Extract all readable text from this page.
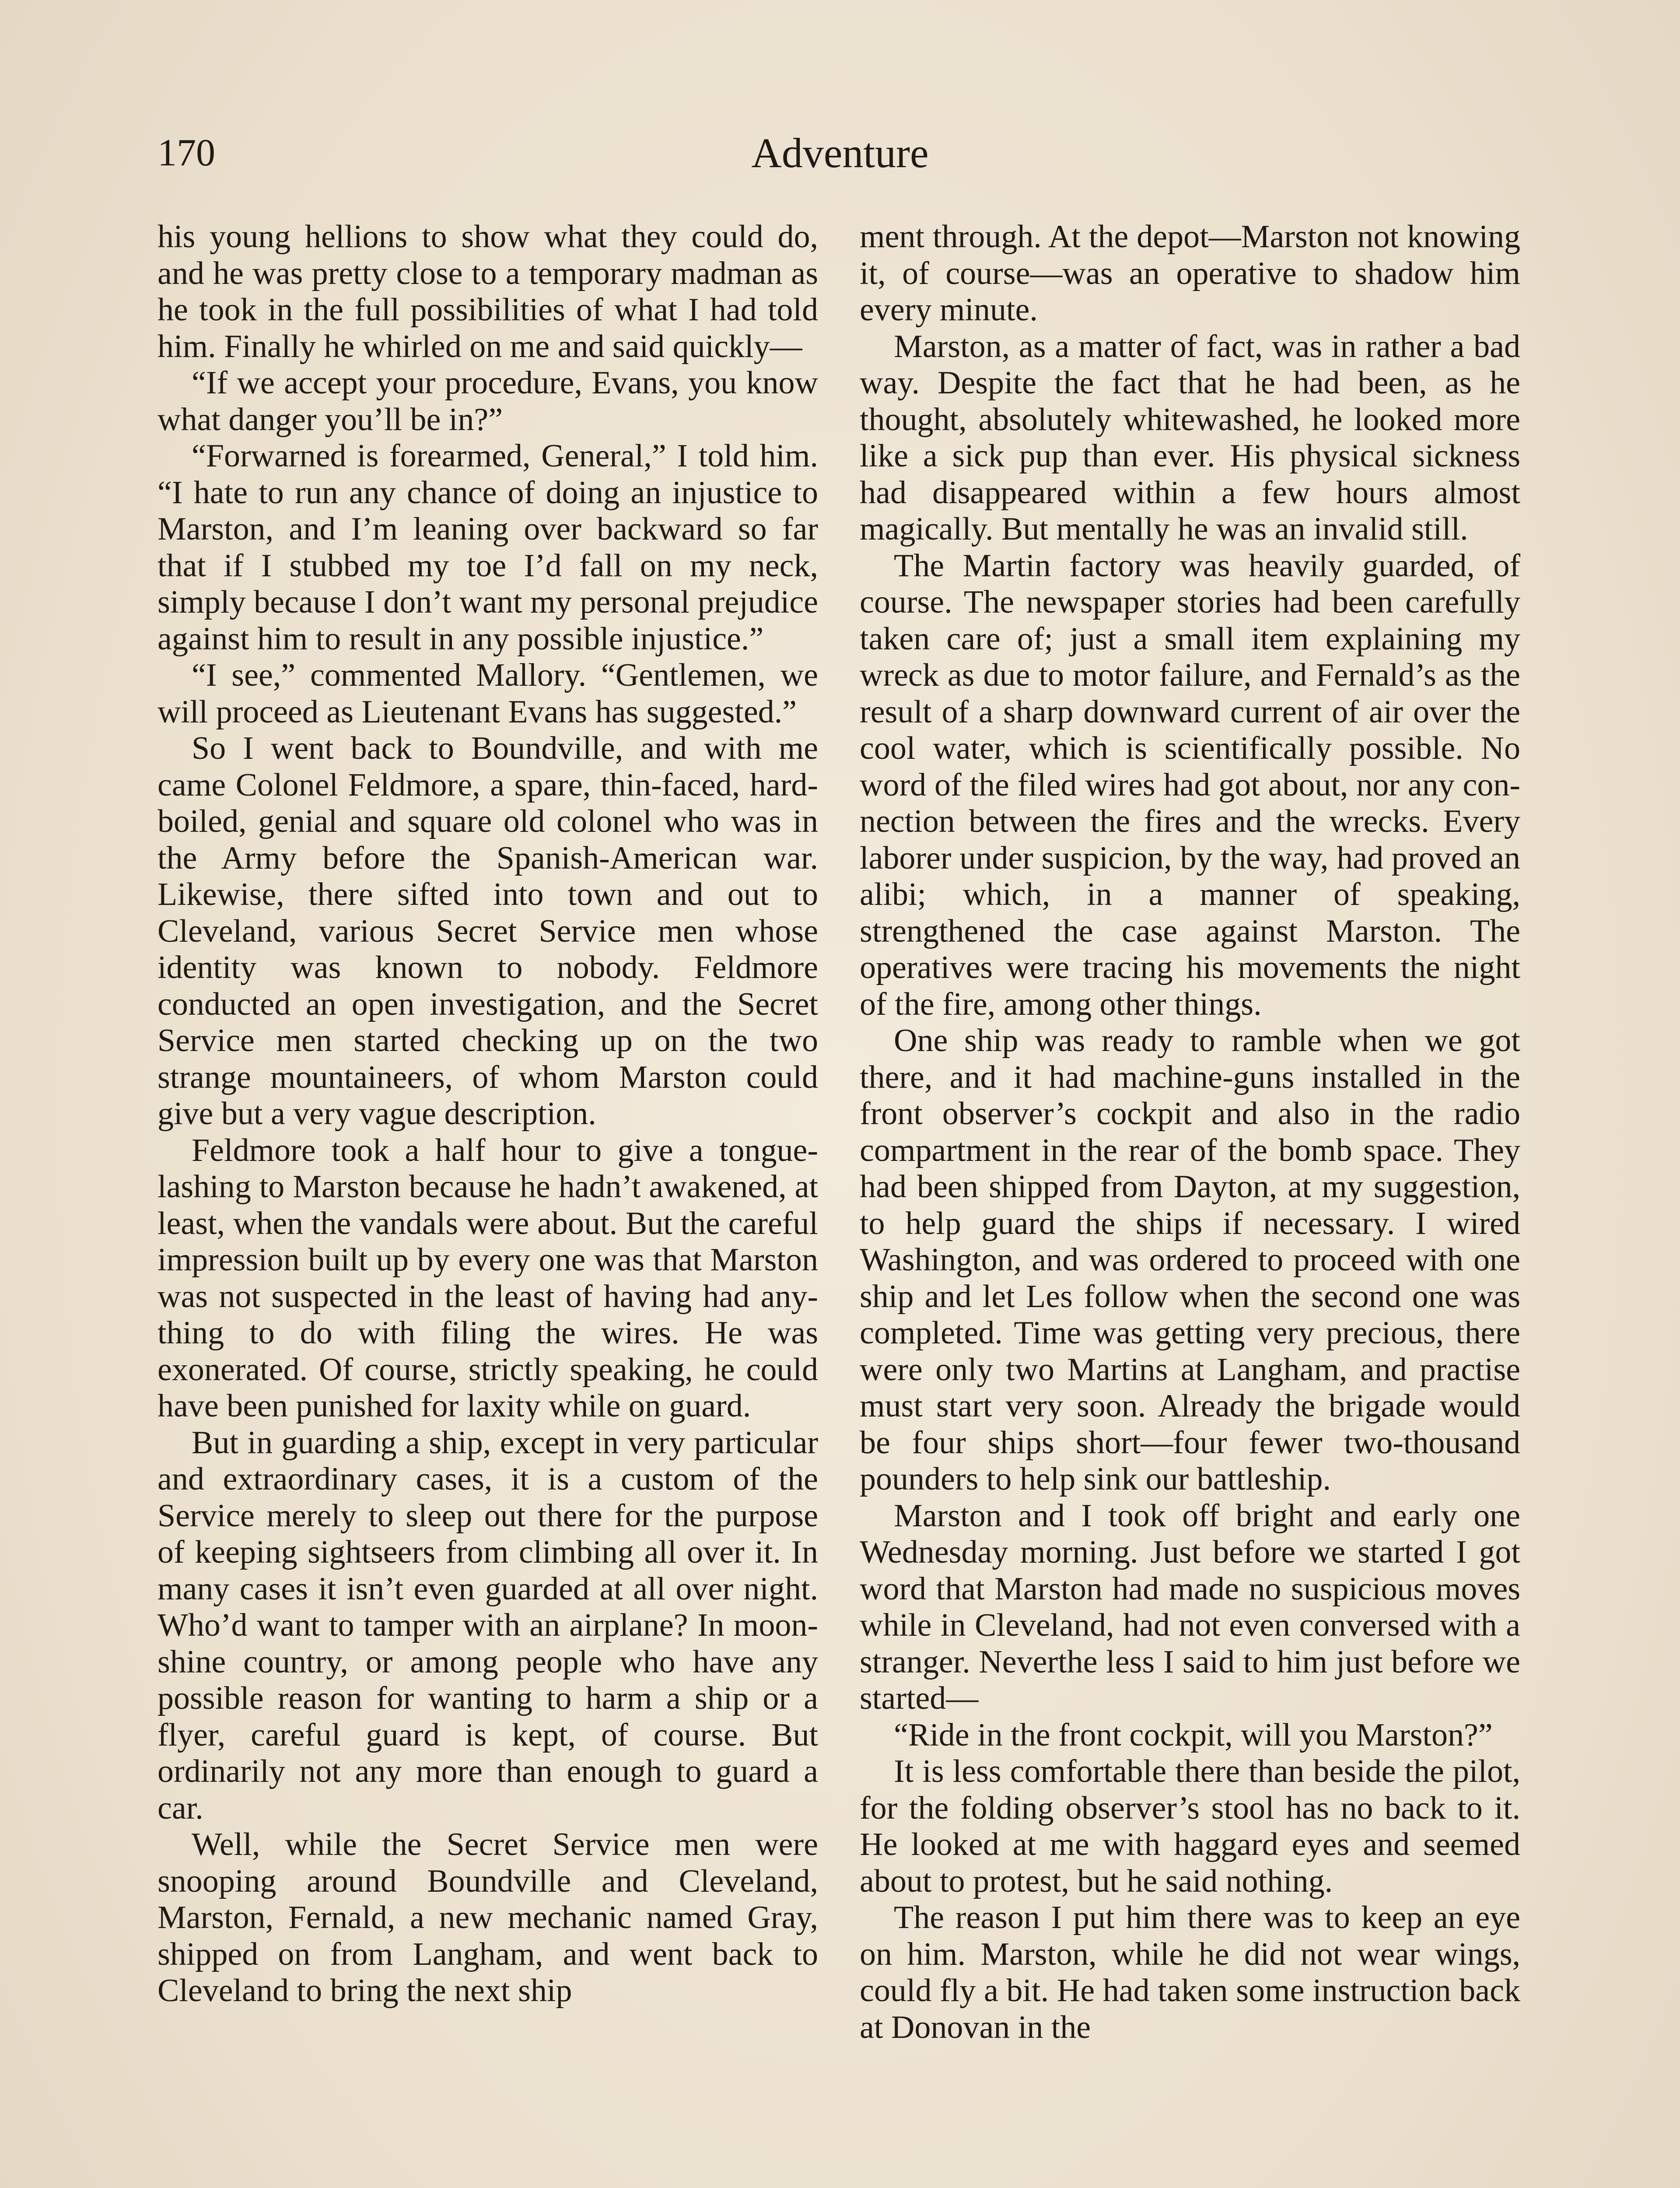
170	Adventure

his young hellions to show what they could do, and he was pretty close to a temporary madman as he took in the full possibilities of what I had told him. Finally he whirled on me and said quickly—

“If we accept your procedure, Evans, you know what danger you’ll be in?”

“Forwarned is forearmed, General,” I told him. “I hate to run any chance of doing an injustice to Marston, and I’m leaning over backward so far that if I stubbed my toe I’d fall on my neck, simply because I don’t want my personal prejudice against him to result in any possible injustice.”

“I see,” commented Mallory. “Gentlemen, we will proceed as Lieutenant Evans has suggested.”

So I went back to Boundville, and with me came Colonel Feldmore, a spare, thin-faced, hard-boiled, genial and square old colonel who was in the Army before the Spanish-American war. Likewise, there sifted into town and out to Cleveland, various Secret Service men whose identity was known to nobody. Feldmore conducted an open investigation, and the Secret Service men started checking up on the two strange mountaineers, of whom Marston could give but a very vague description.

Feldmore took a half hour to give a tongue-lashing to Marston because he hadn’t awakened, at least, when the vandals were about. But the careful impression built up by every one was that Marston was not suspected in the least of having had anything to do with filing the wires. He was exonerated. Of course, strictly speaking, he could have been punished for laxity while on guard.

But in guarding a ship, except in very particular and extraordinary cases, it is a custom of the Service merely to sleep out there for the purpose of keeping sightseers from climbing all over it. In many cases it isn’t even guarded at all over night. Who’d want to tamper with an airplane? In moonshine country, or among people who have any possible reason for wanting to harm a ship or a flyer, careful guard is kept, of course. But ordinarily not any more than enough to guard a car.

Well, while the Secret Service men were snooping around Boundville and Cleveland, Marston, Fernald, a new mechanic named Gray, shipped on from Langham, and went back to Cleveland to bring the next ship

ment through. At the depot—Marston not knowing it, of course—was an operative to shadow him every minute.

Marston, as a matter of fact, was in rather a bad way. Despite the fact that he had been, as he thought, absolutely whitewashed, he looked more like a sick pup than ever. His physical sickness had disappeared within a few hours almost magically. But mentally he was an invalid still.

The Martin factory was heavily guarded, of course. The newspaper stories had been carefully taken care of; just a small item explaining my wreck as due to motor failure, and Fernald’s as the result of a sharp downward current of air over the cool water, which is scientifically possible. No word of the filed wires had got about, nor any connection between the fires and the wrecks. Every laborer under suspicion, by the way, had proved an alibi; which, in a manner of speaking, strengthened the case against Marston. The operatives were tracing his movements the night of the fire, among other things.

One ship was ready to ramble when we got there, and it had machine-guns installed in the front observer’s cockpit and also in the radio compartment in the rear of the bomb space. They had been shipped from Dayton, at my suggestion, to help guard the ships if necessary. I wired Washington, and was ordered to proceed with one ship and let Les follow when the second one was completed. Time was getting very precious, there were only two Martins at Langham, and practise must start very soon. Already the brigade would be four ships short—four fewer two-thousand pounders to help sink our battleship.

Marston and I took off bright and early one Wednesday morning. Just before we started I got word that Marston had made no suspicious moves while in Cleveland, had not even conversed with a stranger. Neverthe less I said to him just before we started—

“Ride in the front cockpit, will you Marston?”

It is less comfortable there than beside the pilot, for the folding observer’s stool has no back to it. He looked at me with haggard eyes and seemed about to protest, but he said nothing.

The reason I put him there was to keep an eye on him. Marston, while he did not wear wings, could fly a bit. He had taken some instruction back at Donovan in the
